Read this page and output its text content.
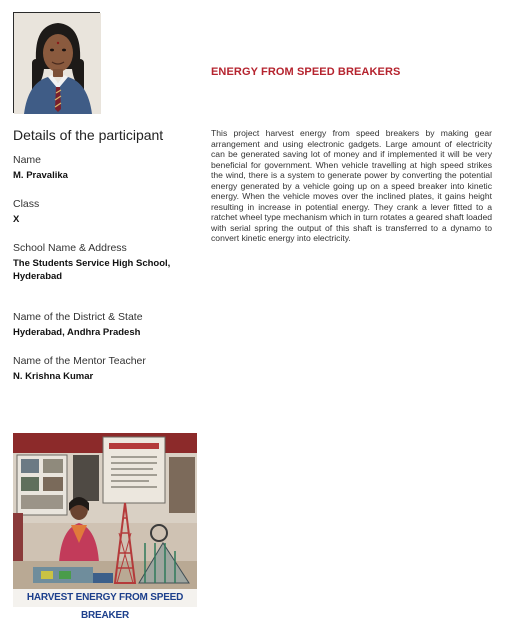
Details of the participant
Name
M. Pravalika
Class
X
School Name & Address
The Students Service High School,
Hyderabad
Name of the District & State
Hyderabad, Andhra Pradesh
Name of the Mentor Teacher
N. Krishna Kumar
ENERGY FROM SPEED BREAKERS

This project harvest energy from speed breakers by making gear arrangement and using electronic gadgets. Large amount of electricity can be generated saving lot of money and if implemented it will be very beneficial for government. When vehicle travelling at high speed strikes the wind, there is a system to generate power by converting the potential energy generated by a vehicle going up on a speed breaker into kinetic energy. When the vehicle moves over the inclined plates, it gains height resulting in increase in potential energy. They crank a lever fitted to a ratchet wheel type mechanism which in turn rotates a geared shaft loaded with serial spring the output of this shaft is transferred to a dynamo to convert kinetic energy into electricity.

HARVEST ENERGY FROM SPEED BREAKER
